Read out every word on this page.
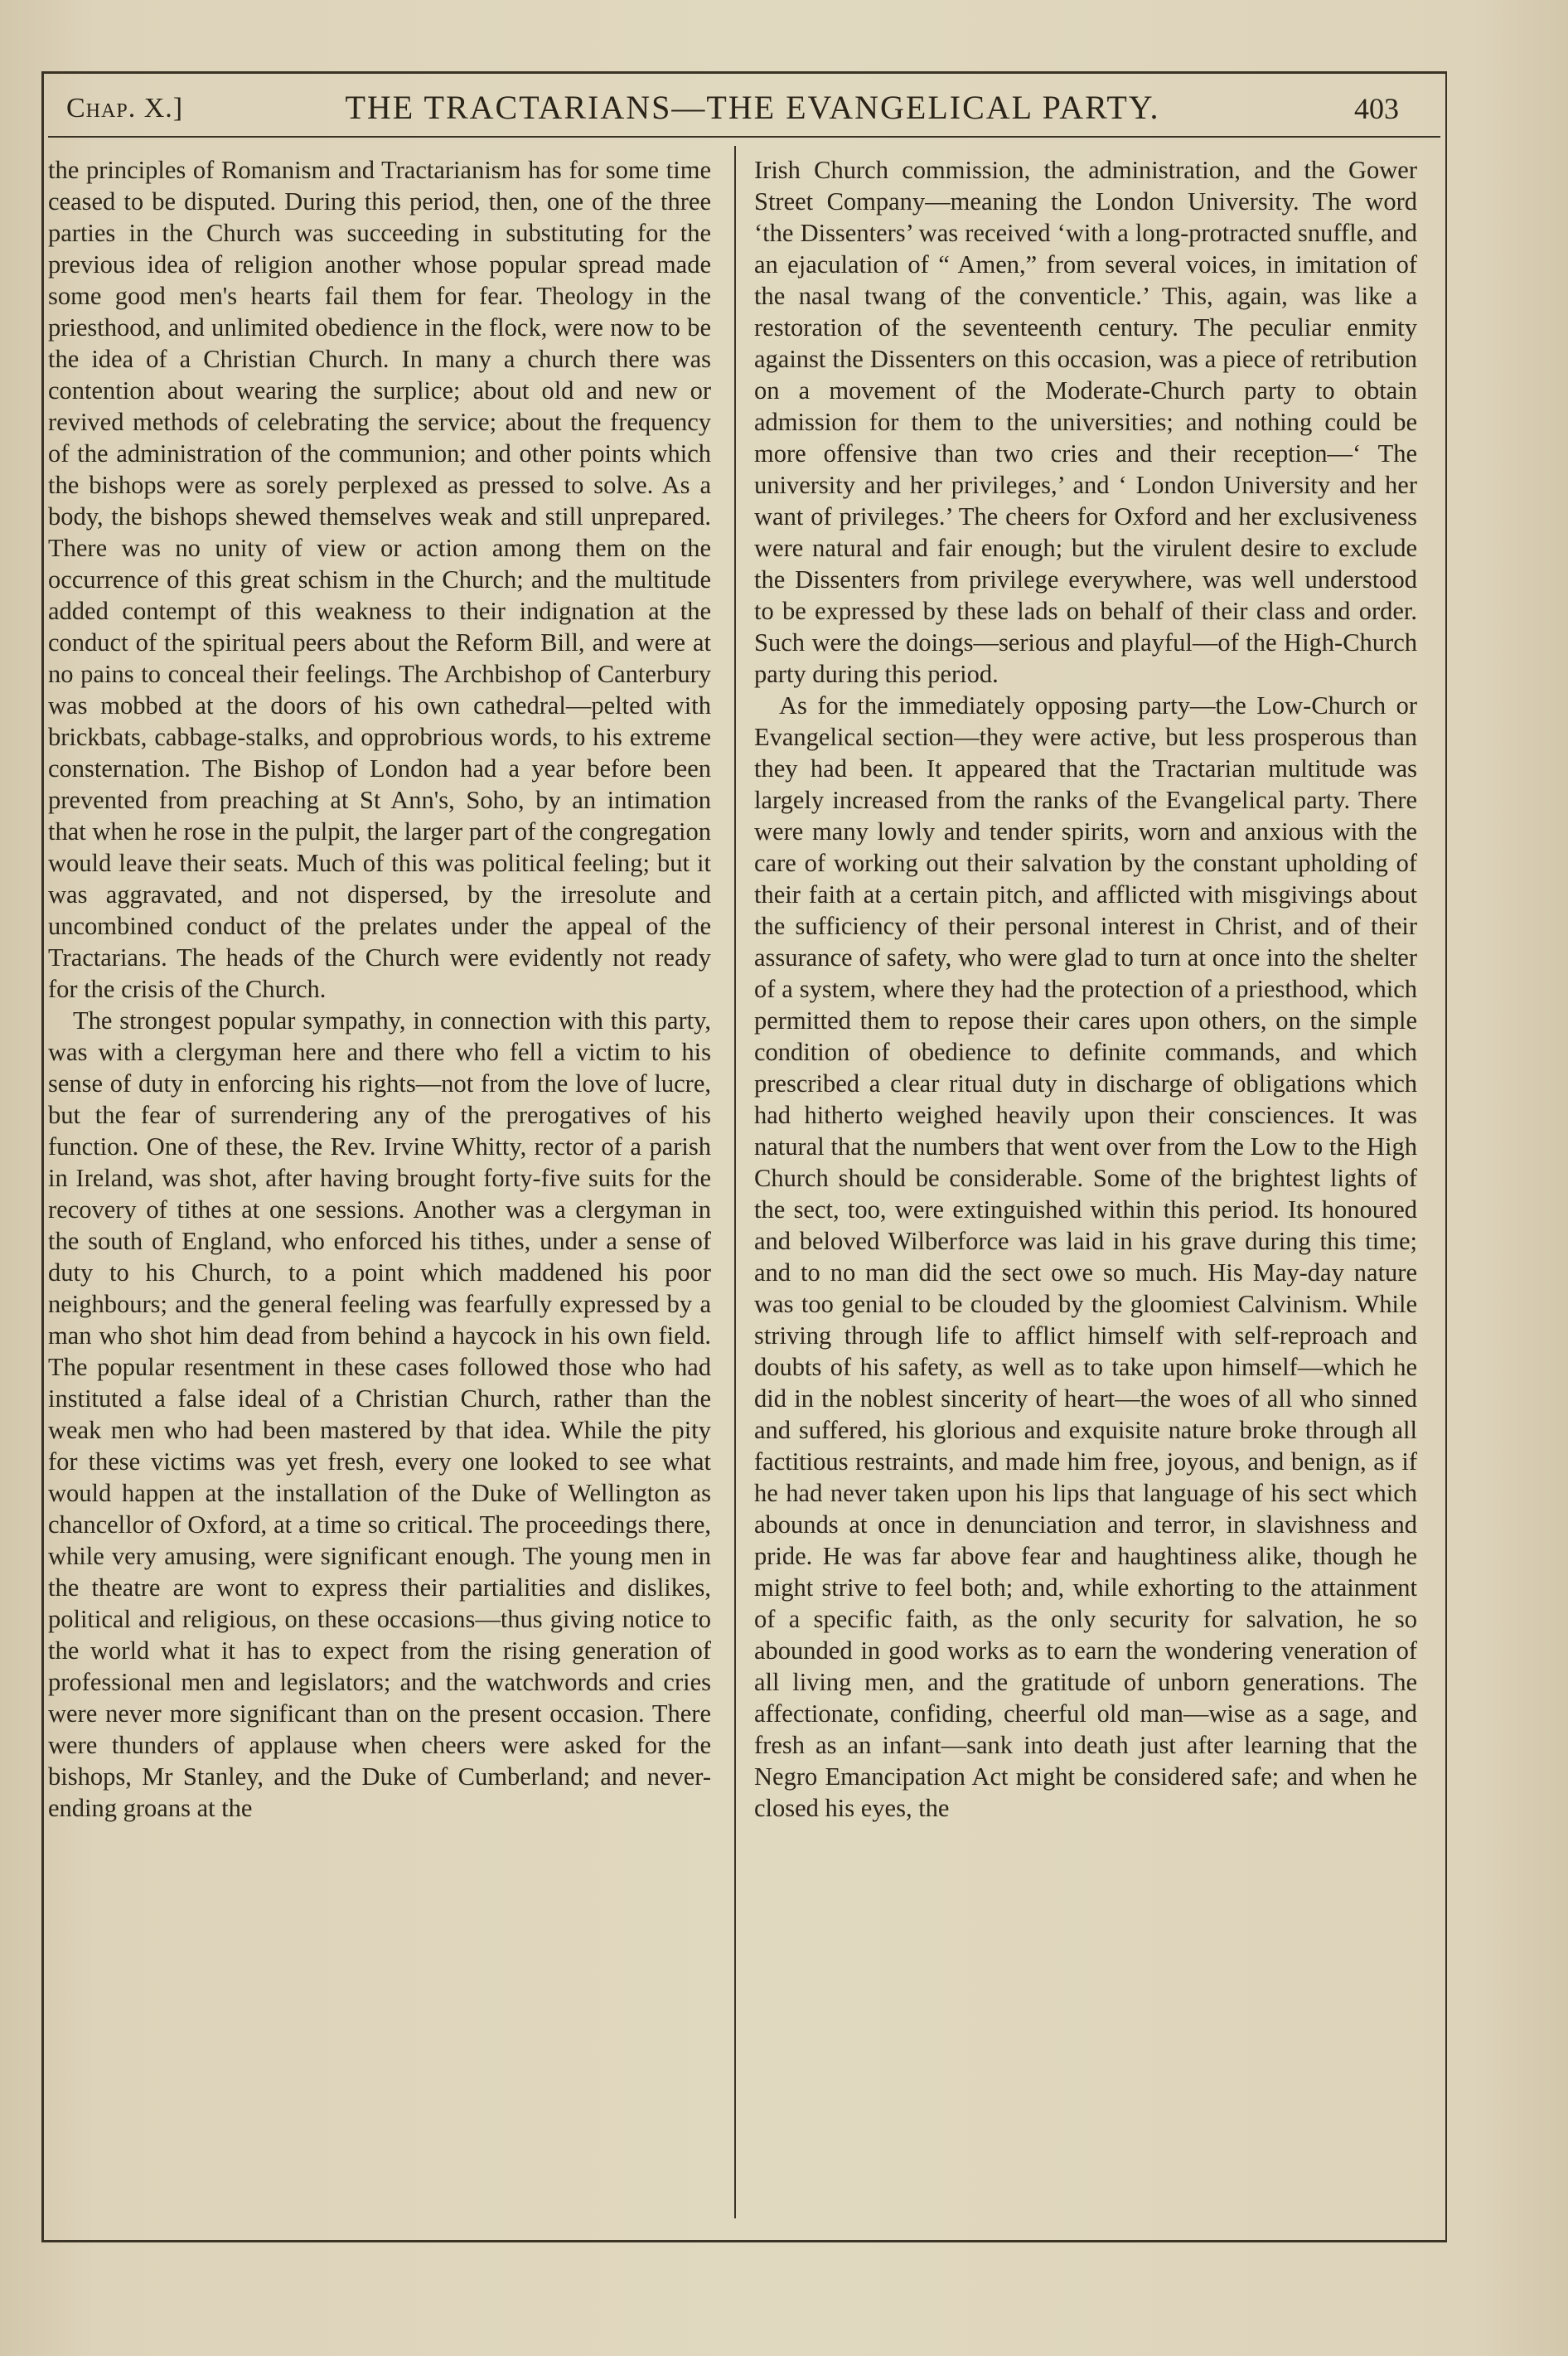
Chap. X.]	THE TRACTARIANS—THE EVANGELICAL PARTY.	403

the principles of Romanism and Tractarianism has for some time ceased to be disputed. During this period, then, one of the three parties in the Church was succeeding in substituting for the previous idea of religion another whose popular spread made some good men's hearts fail them for fear. Theology in the priesthood, and unlimited obedience in the flock, were now to be the idea of a Christian Church. In many a church there was contention about wearing the surplice; about old and new or revived methods of celebrating the service; about the frequency of the administration of the communion; and other points which the bishops were as sorely perplexed as pressed to solve. As a body, the bishops shewed themselves weak and still unprepared. There was no unity of view or action among them on the occurrence of this great schism in the Church; and the multitude added contempt of this weakness to their indignation at the conduct of the spiritual peers about the Reform Bill, and were at no pains to conceal their feelings. The Archbishop of Canterbury was mobbed at the doors of his own cathedral—pelted with brickbats, cabbage-stalks, and opprobrious words, to his extreme consternation. The Bishop of London had a year before been prevented from preaching at St Ann's, Soho, by an intimation that when he rose in the pulpit, the larger part of the congregation would leave their seats. Much of this was political feeling; but it was aggravated, and not dispersed, by the irresolute and uncombined conduct of the prelates under the appeal of the Tractarians. The heads of the Church were evidently not ready for the crisis of the Church.

The strongest popular sympathy, in connection with this party, was with a clergyman here and there who fell a victim to his sense of duty in enforcing his rights—not from the love of lucre, but the fear of surrendering any of the prerogatives of his function. One of these, the Rev. Irvine Whitty, rector of a parish in Ireland, was shot, after having brought forty-five suits for the recovery of tithes at one sessions. Another was a clergyman in the south of England, who enforced his tithes, under a sense of duty to his Church, to a point which maddened his poor neighbours; and the general feeling was fearfully expressed by a man who shot him dead from behind a haycock in his own field. The popular resentment in these cases followed those who had instituted a false ideal of a Christian Church, rather than the weak men who had been mastered by that idea. While the pity for these victims was yet fresh, every one looked to see what would happen at the installation of the Duke of Wellington as chancellor of Oxford, at a time so critical. The proceedings there, while very amusing, were significant enough. The young men in the theatre are wont to express their partialities and dislikes, political and religious, on these occasions—thus giving notice to the world what it has to expect from the rising generation of professional men and legislators; and the watchwords and cries were never more significant than on the present occasion. There were thunders of applause when cheers were asked for the bishops, Mr Stanley, and the Duke of Cumberland; and never-ending groans at the

Irish Church commission, the administration, and the Gower Street Company—meaning the London University. The word ‘the Dissenters’ was received ‘with a long-protracted snuffle, and an ejaculation of “ Amen,” from several voices, in imitation of the nasal twang of the conventicle.’ This, again, was like a restoration of the seventeenth century. The peculiar enmity against the Dissenters on this occasion, was a piece of retribution on a movement of the Moderate-Church party to obtain admission for them to the universities; and nothing could be more offensive than two cries and their reception—‘ The university and her privileges,’ and ‘ London University and her want of privileges.’ The cheers for Oxford and her exclusiveness were natural and fair enough; but the virulent desire to exclude the Dissenters from privilege everywhere, was well understood to be expressed by these lads on behalf of their class and order. Such were the doings—serious and playful—of the High-Church party during this period.

As for the immediately opposing party—the Low-Church or Evangelical section—they were active, but less prosperous than they had been. It appeared that the Tractarian multitude was largely increased from the ranks of the Evangelical party. There were many lowly and tender spirits, worn and anxious with the care of working out their salvation by the constant upholding of their faith at a certain pitch, and afflicted with misgivings about the sufficiency of their personal interest in Christ, and of their assurance of safety, who were glad to turn at once into the shelter of a system, where they had the protection of a priesthood, which permitted them to repose their cares upon others, on the simple condition of obedience to definite commands, and which prescribed a clear ritual duty in discharge of obligations which had hitherto weighed heavily upon their consciences. It was natural that the numbers that went over from the Low to the High Church should be considerable. Some of the brightest lights of the sect, too, were extinguished within this period. Its honoured and beloved Wilberforce was laid in his grave during this time; and to no man did the sect owe so much. His May-day nature was too genial to be clouded by the gloomiest Calvinism. While striving through life to afflict himself with self-reproach and doubts of his safety, as well as to take upon himself—which he did in the noblest sincerity of heart—the woes of all who sinned and suffered, his glorious and exquisite nature broke through all factitious restraints, and made him free, joyous, and benign, as if he had never taken upon his lips that language of his sect which abounds at once in denunciation and terror, in slavishness and pride. He was far above fear and haughtiness alike, though he might strive to feel both; and, while exhorting to the attainment of a specific faith, as the only security for salvation, he so abounded in good works as to earn the wondering veneration of all living men, and the gratitude of unborn generations. The affectionate, confiding, cheerful old man—wise as a sage, and fresh as an infant—sank into death just after learning that the Negro Emancipation Act might be considered safe; and when he closed his eyes, the
